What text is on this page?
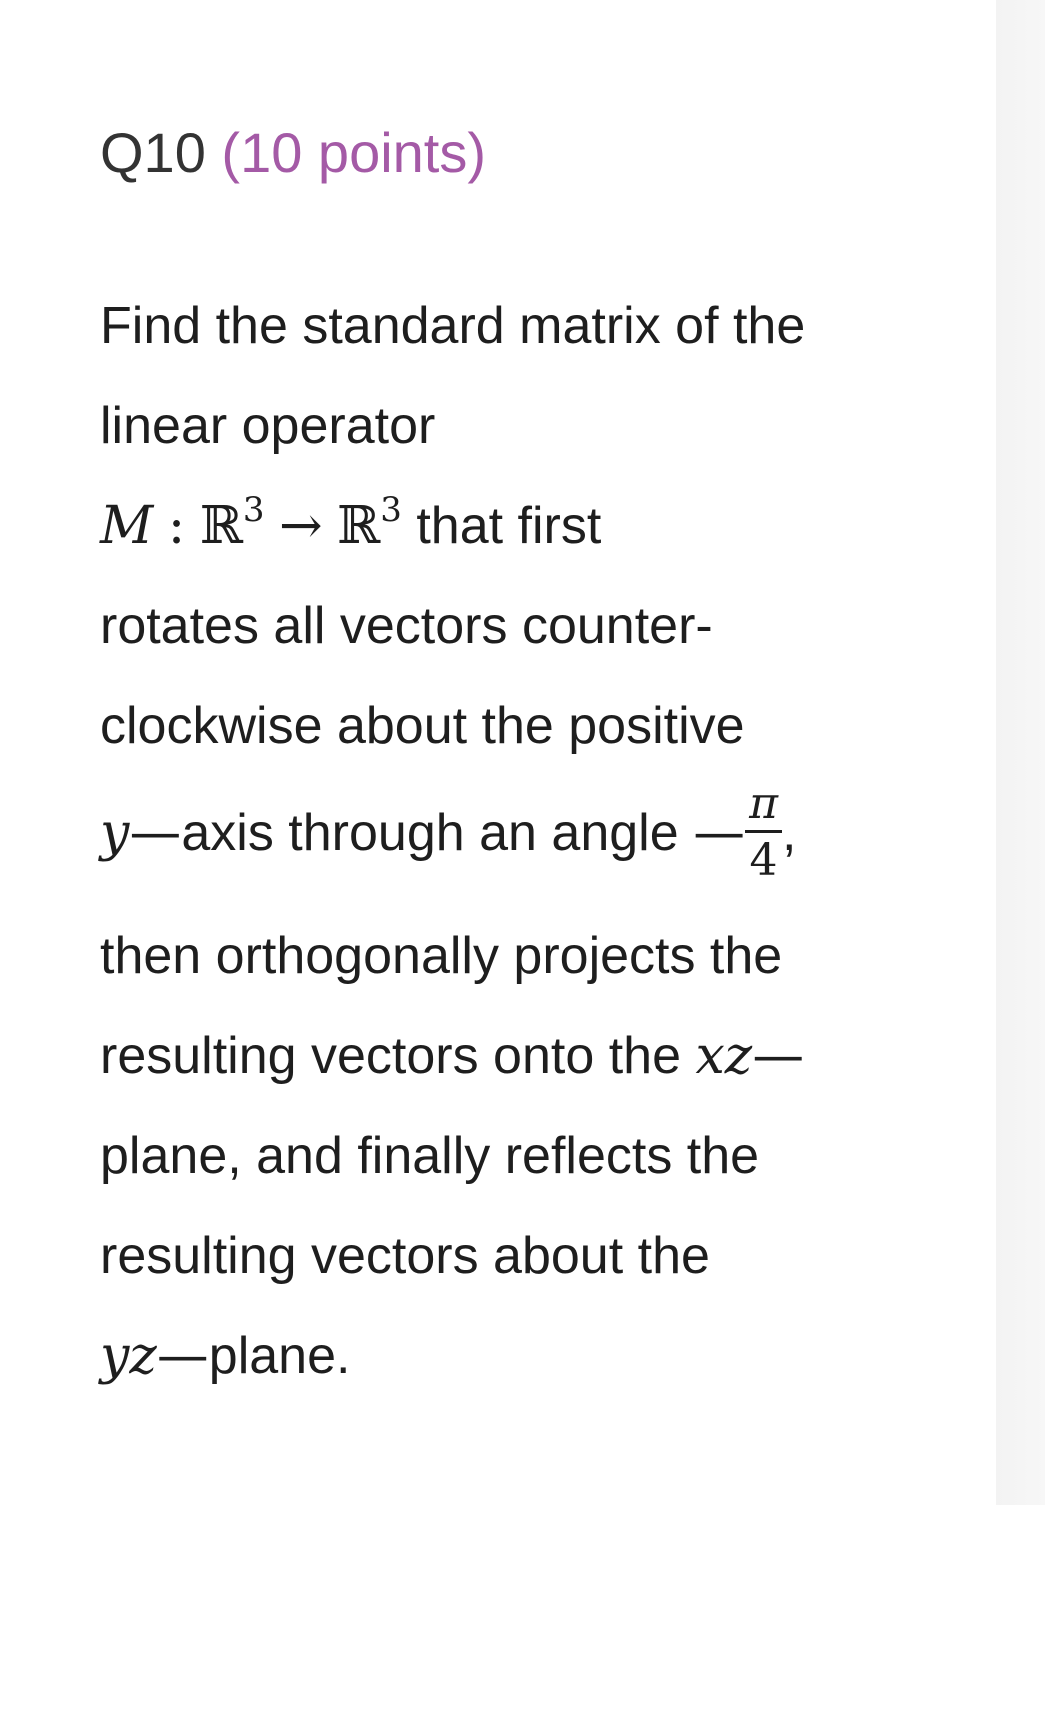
Q10 (10 points)
Find the standard matrix of the
linear operator
M : ℝ$^3$ → ℝ$^3$ that first
rotates all vectors counter-
clockwise about the positive
y—axis through an angle — $\frac{\pi}{4}$ ,
then orthogonally projects the
resulting vectors onto the xz—
plane, and finally reflects the
resulting vectors about the
yz—plane.
